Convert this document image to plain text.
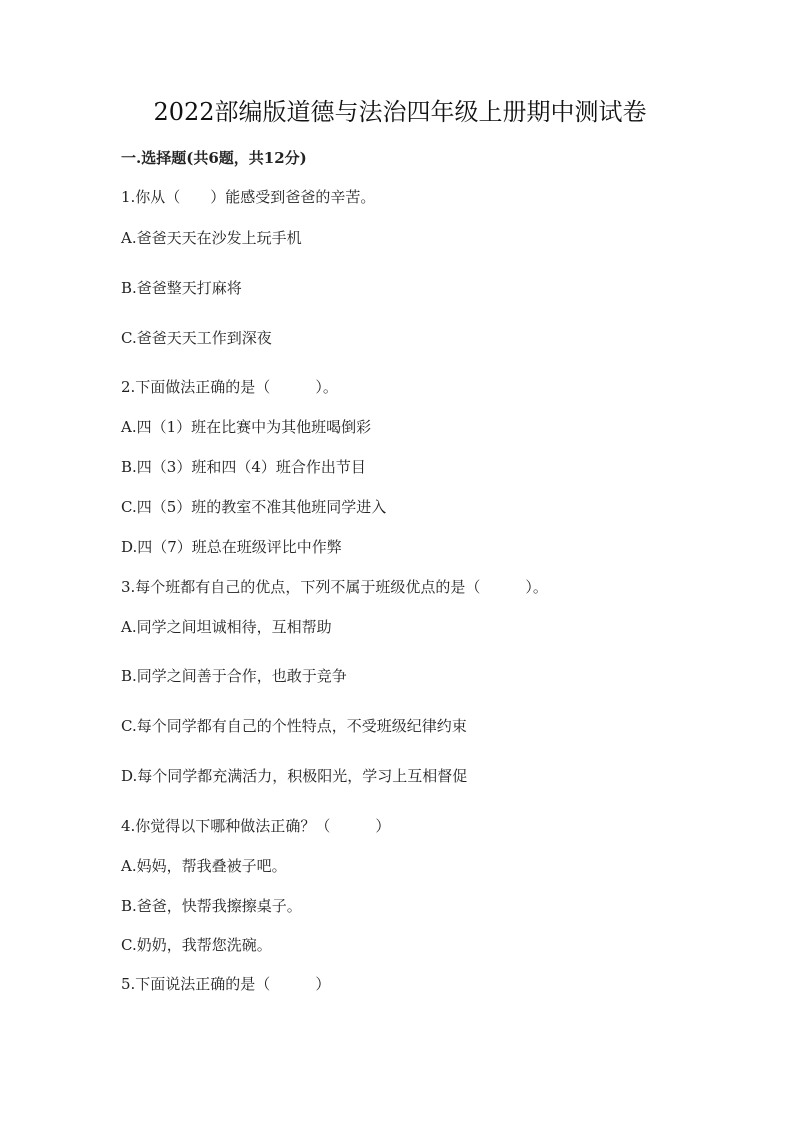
2022部编版道德与法治四年级上册期中测试卷
一.选择题(共6题，共12分)
1.你从（　　）能感受到爸爸的辛苦。
A.爸爸天天在沙发上玩手机
B.爸爸整天打麻将
C.爸爸天天工作到深夜
2.下面做法正确的是（　　　）。
A.四（1）班在比赛中为其他班喝倒彩
B.四（3）班和四（4）班合作出节目
C.四（5）班的教室不准其他班同学进入
D.四（7）班总在班级评比中作弊
3.每个班都有自己的优点，下列不属于班级优点的是（　　　）。
A.同学之间坦诚相待，互相帮助
B.同学之间善于合作，也敢于竞争
C.每个同学都有自己的个性特点，不受班级纪律约束
D.每个同学都充满活力，积极阳光，学习上互相督促
4.你觉得以下哪种做法正确？（　　　）
A.妈妈，帮我叠被子吧。
B.爸爸，快帮我擦擦桌子。
C.奶奶，我帮您洗碗。
5.下面说法正确的是（　　　）
